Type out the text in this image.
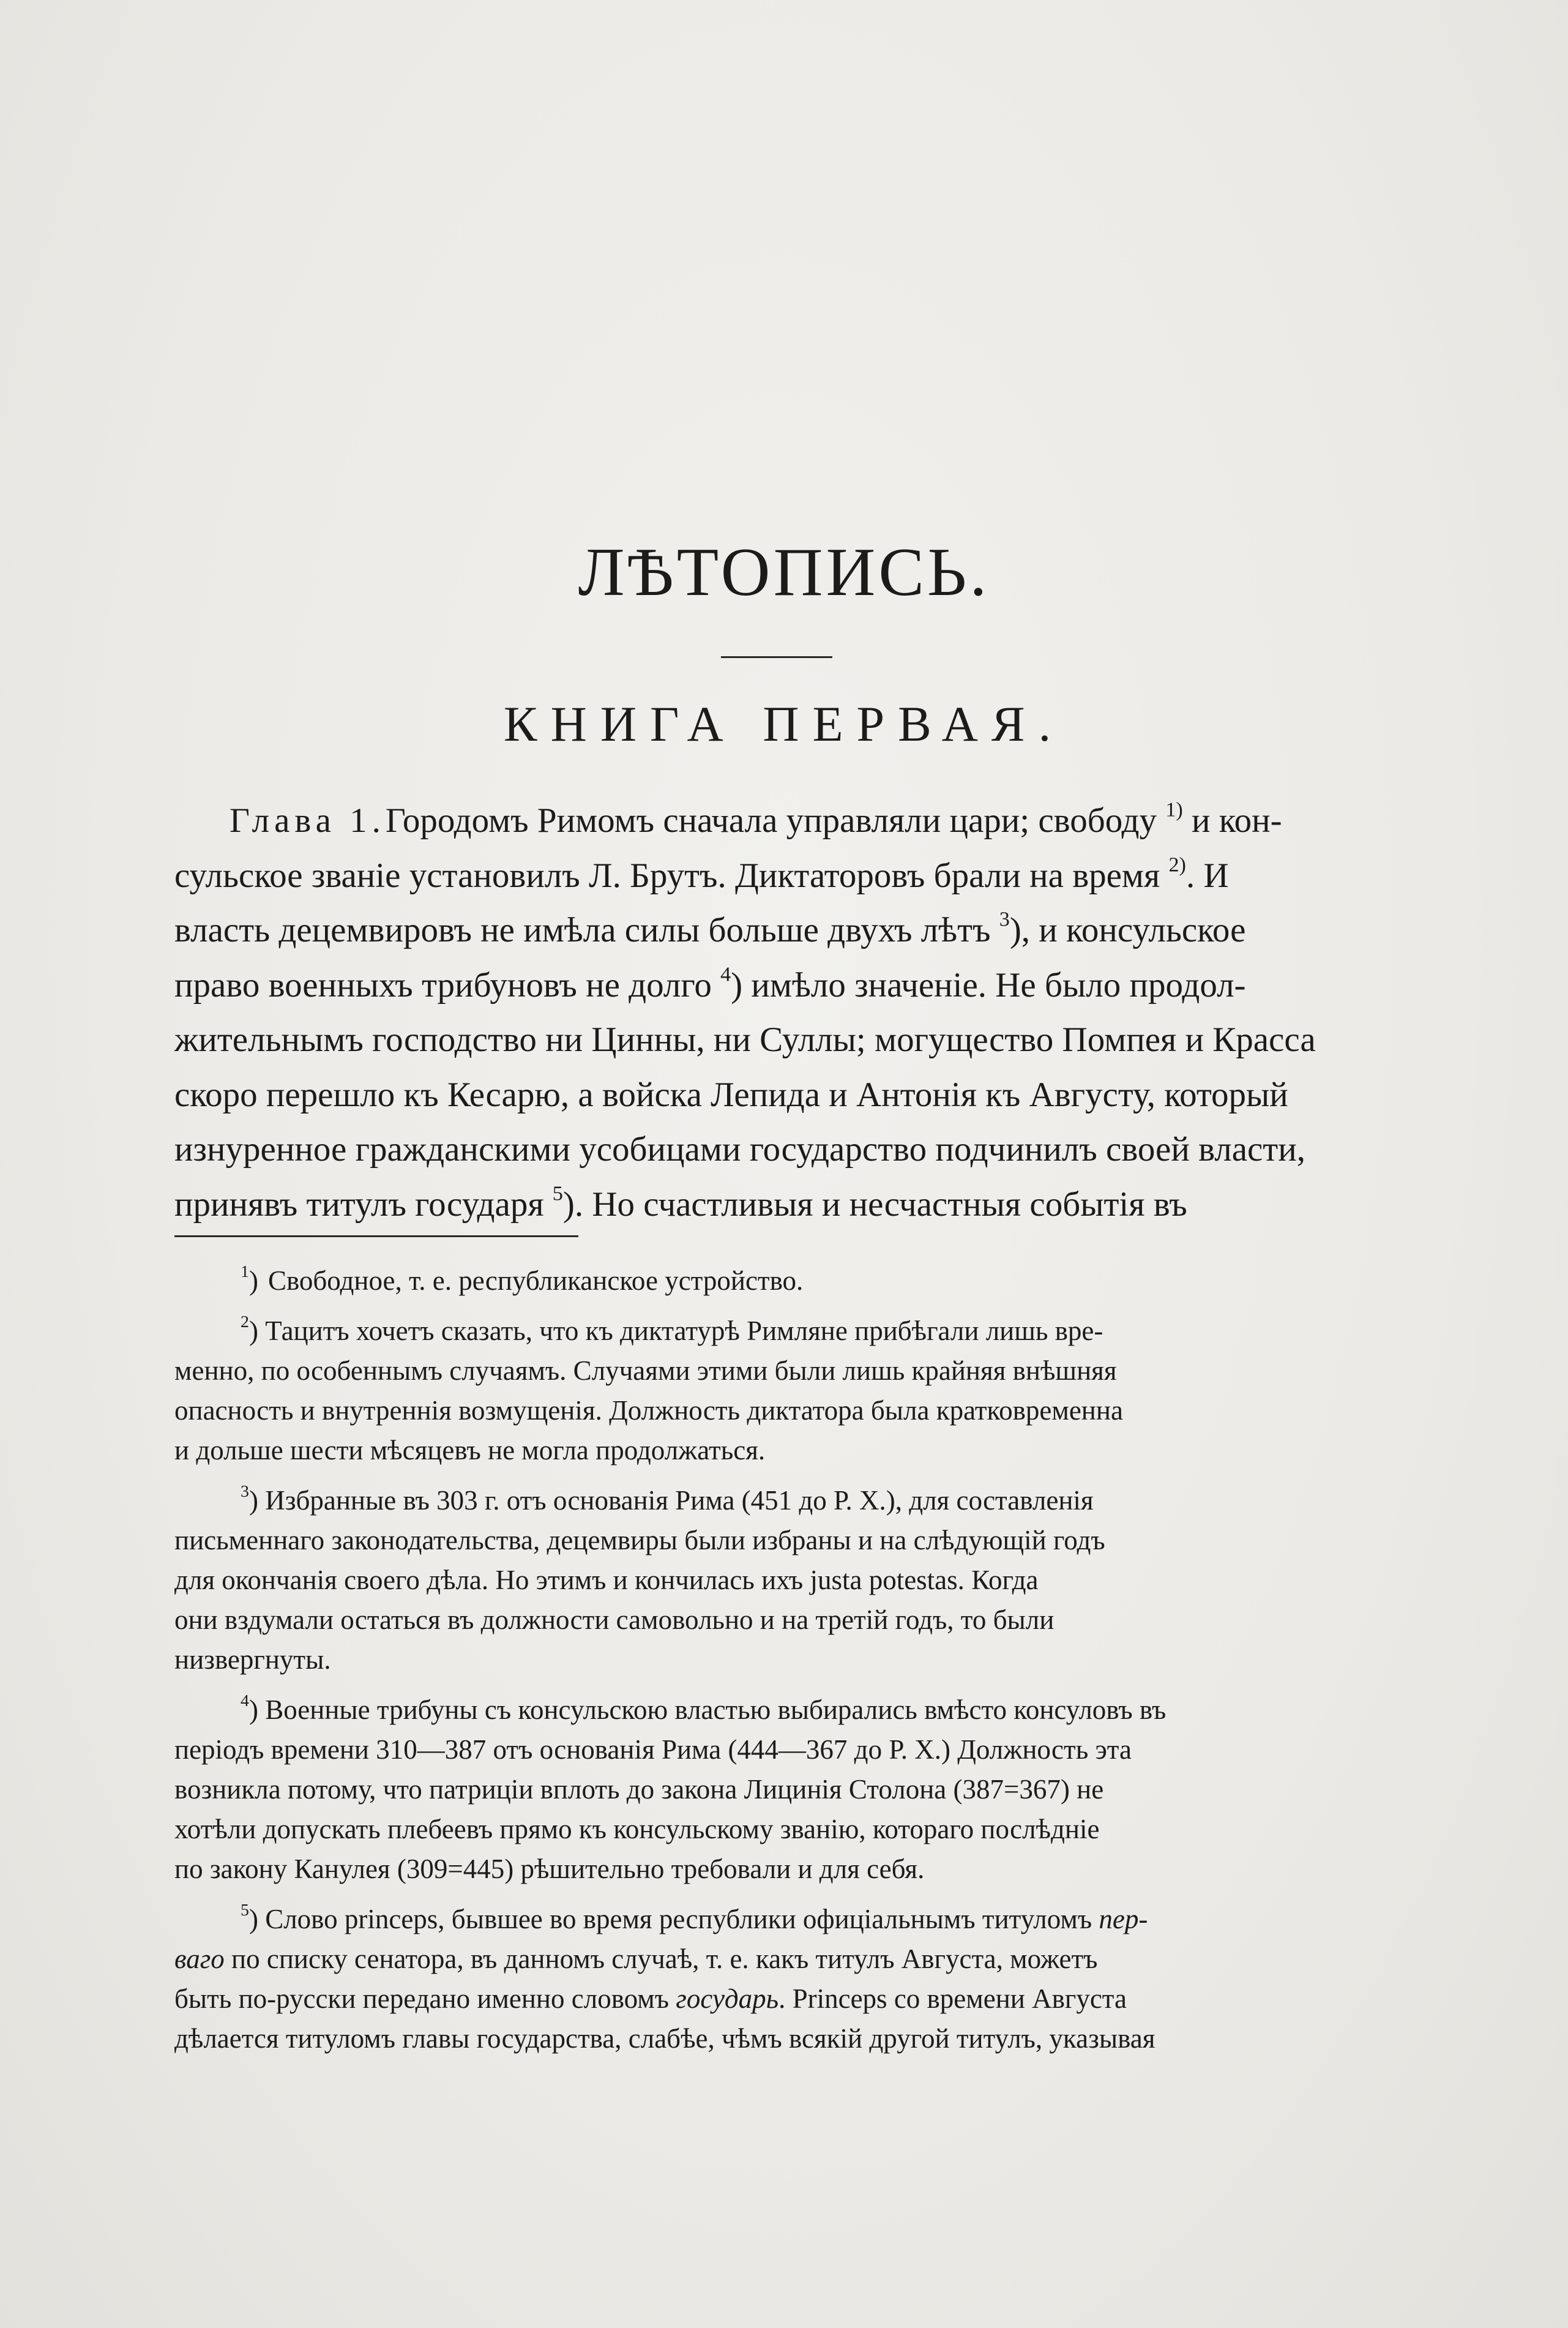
ЛѢТОПИСЬ.
КНИГА ПЕРВАЯ.
Глава 1. Городомъ Римомъ сначала управляли цари; свободу $^{1)}$ и кон-
сульское званіе установилъ Л. Брутъ. Диктаторовъ брали на время $^{2)}$. И
власть децемвировъ не имѣла силы больше двухъ лѣтъ $^3$), и консульское
право военныхъ трибуновъ не долго $^4$) имѣло значеніе. Не было продол-
жительнымъ господство ни Цинны, ни Суллы; могущество Помпея и Красса
скоро перешло къ Кесарю, а войска Лепида и Антонія къ Августу, который
изнуренное гражданскими усобицами государство подчинилъ своей власти,
принявъ титулъ государя $^5$). Но счастливыя и несчастныя событія въ
$^1$) Свободное, т. е. республиканское устройство.
$^2$) Тацитъ хочетъ сказать, что къ диктатурѣ Римляне прибѣгали лишь вре-
менно, по особеннымъ случаямъ. Случаями этими были лишь крайняя внѣшняя
опасность и внутреннія возмущенія. Должность диктатора была кратковременна
и дольше шести мѣсяцевъ не могла продолжаться.
$^3$) Избранные въ 303 г. отъ основанія Рима (451 до Р. X.), для составленія
письменнаго законодательства, децемвиры были избраны и на слѣдующій годъ
для окончанія своего дѣла. Но этимъ и кончилась ихъ justa potestas. Когда
они вздумали остаться въ должности самовольно и на третій годъ, то были
низвергнуты.
$^4$) Военные трибуны съ консульскою властью выбирались вмѣсто консуловъ въ
періодъ времени 310—387 отъ основанія Рима (444—367 до Р. X.) Должность эта
возникла потому, что патриціи вплоть до закона Лицинія Столона (387=367) не
хотѣли допускать плебеевъ прямо къ консульскому званію, котораго послѣдніе
по закону Канулея (309=445) рѣшительно требовали и для себя.
$^5$) Слово princeps, бывшее во время республики офиціальнымъ титуломъ пер-
ваго по списку сенатора, въ данномъ случаѣ, т. е. какъ титулъ Августа, можетъ
быть по-русски передано именно словомъ государь. Princeps со времени Августа
дѣлается титуломъ главы государства, слабѣе, чѣмъ всякій другой титулъ, указывая
